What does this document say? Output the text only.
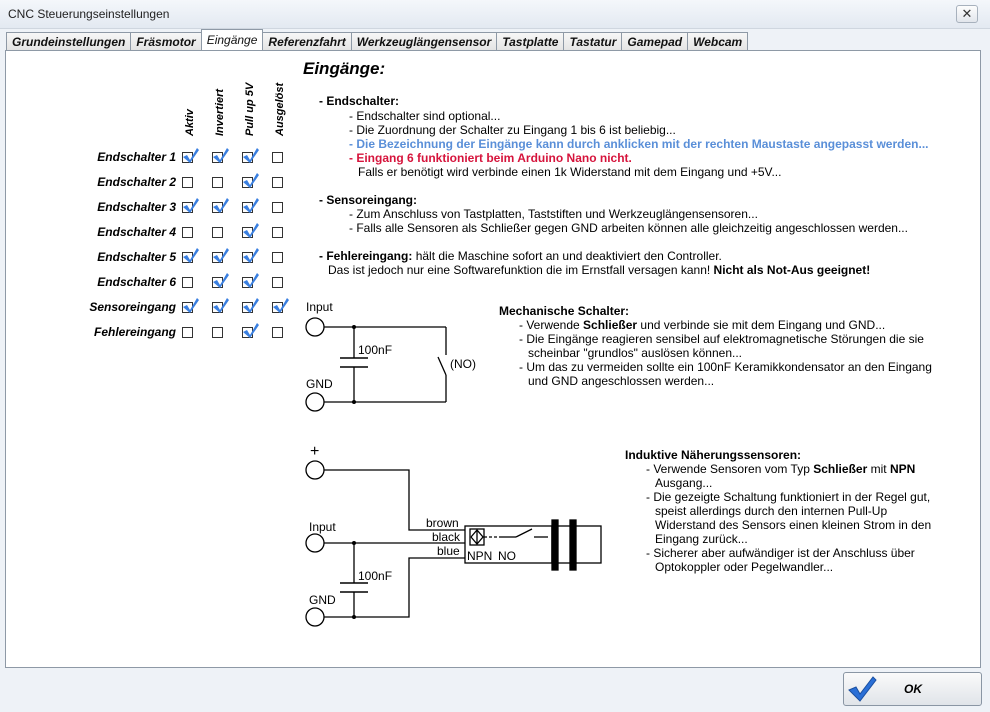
CNC Steuerungseinstellungen	✕
Grundeinstellungen Fräsmotor Eingänge Referenzfahrt Werkzeuglängensensor Tastplatte Tastatur Gamepad Webcam
Aktiv Invertiert Pull up 5V Ausgelöst
Endschalter 1
Endschalter 2
Endschalter 3
Endschalter 4
Endschalter 5
Endschalter 6
Sensoreingang
Fehlereingang
Eingänge:
- Endschalter:
- Endschalter sind optional...
- Die Zuordnung der Schalter zu Eingang 1 bis 6 ist beliebig...
- Die Bezeichnung der Eingänge kann durch anklicken mit der rechten Maustaste angepasst werden...
- Eingang 6 funktioniert beim Arduino Nano nicht.
Falls er benötigt wird verbinde einen 1k Widerstand mit dem Eingang und +5V...
- Sensoreingang:
- Zum Anschluss von Tastplatten, Taststiften und Werkzeuglängensensoren...
- Falls alle Sensoren als Schließer gegen GND arbeiten können alle gleichzeitig angeschlossen werden...
- Fehlereingang: hält die Maschine sofort an und deaktiviert den Controller.
Das ist jedoch nur eine Softwarefunktion die im Ernstfall versagen kann! Nicht als Not-Aus geeignet!
Mechanische Schalter:
- Verwende Schließer und verbinde sie mit dem Eingang und GND...
- Die Eingänge reagieren sensibel auf elektromagnetische Störungen die sie
scheinbar "grundlos" auslösen können...
- Um das zu vermeiden sollte ein 100nF Keramikkondensator an den Eingang
und GND angeschlossen werden...
Induktive Näherungssensoren:
- Verwende Sensoren vom Typ Schließer mit NPN
Ausgang...
- Die gezeigte Schaltung funktioniert in der Regel gut,
speist allerdings durch den internen Pull-Up
Widerstand des Sensors einen kleinen Strom in den
Eingang zurück...
- Sicherer aber aufwändiger ist der Anschluss über
Optokoppler oder Pegelwandler...
Input
GND
100nF
(NO)
+
Input
GND
100nF
brown
black
blue NPN NO
OK
